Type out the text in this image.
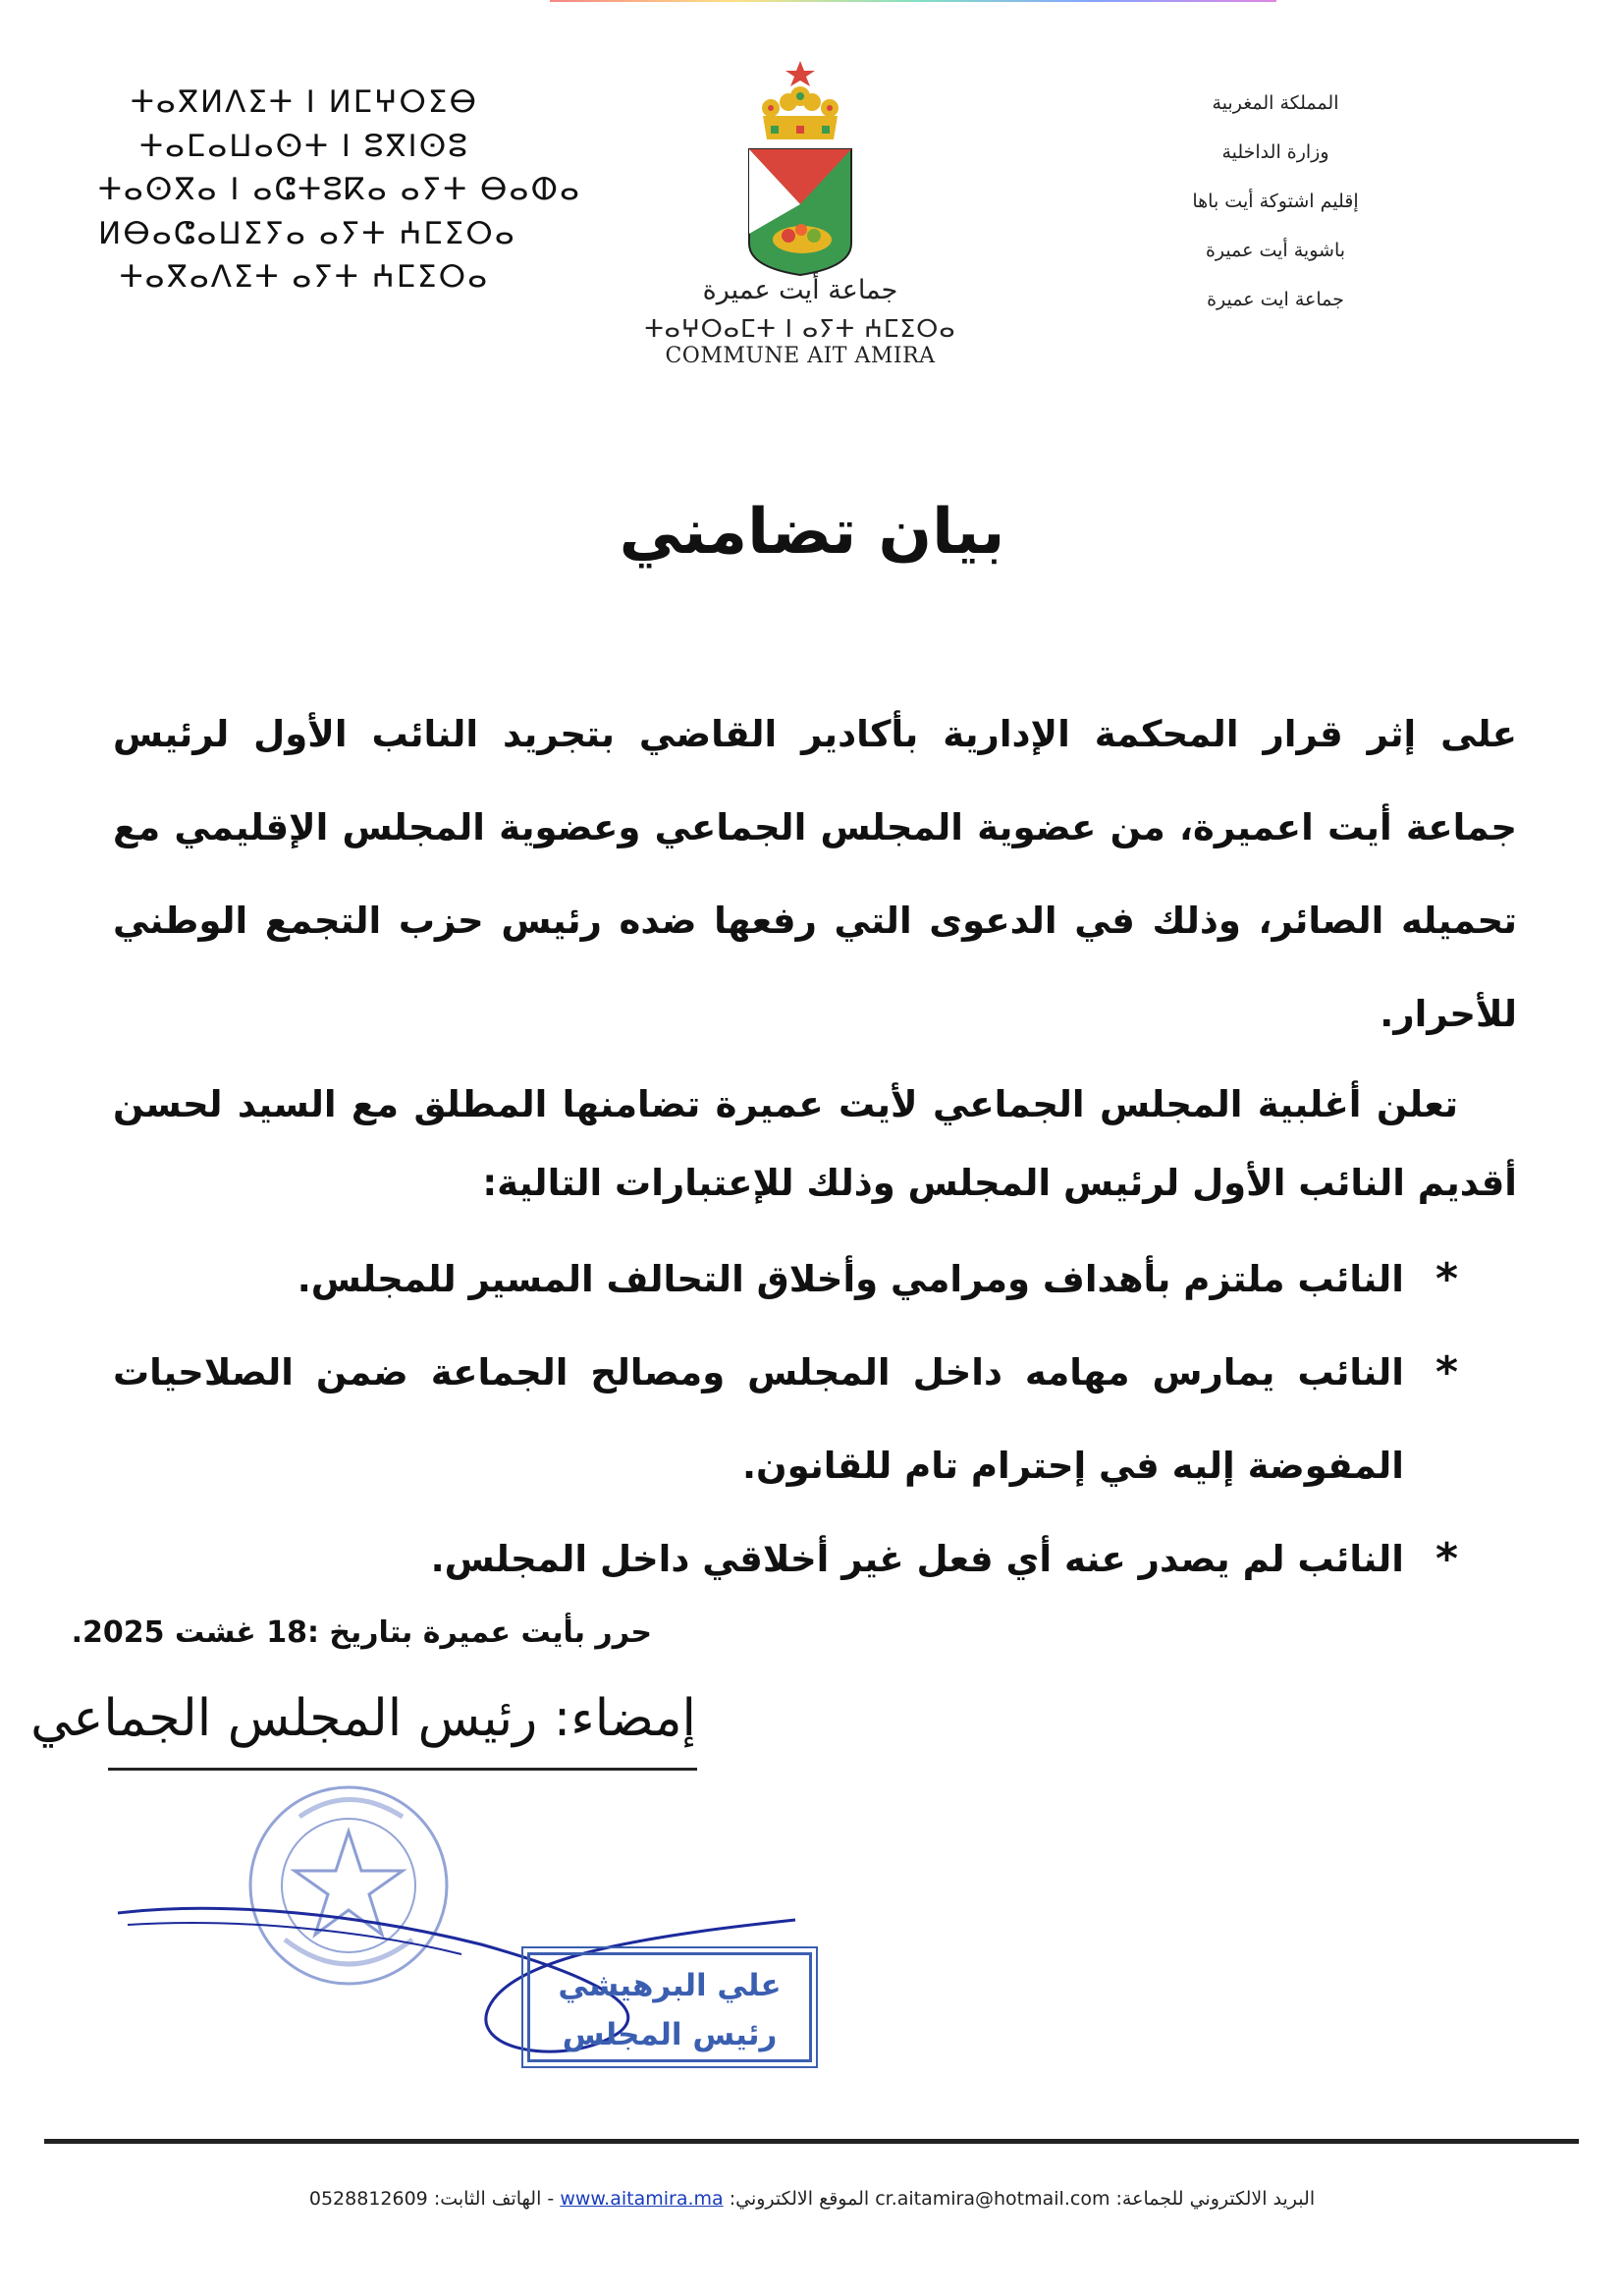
ⵜⴰⴳⵍⴷⵉⵜ ⵏ ⵍⵎⵖⵔⵉⴱ
ⵜⴰⵎⴰⵡⴰⵙⵜ ⵏ ⵓⴳⵏⵙⵓ
ⵜⴰⵙⴳⴰ ⵏ ⴰⵛⵜⵓⴽⴰ ⴰⵢⵜ ⴱⴰⵀⴰ
ⵍⴱⴰⵛⴰⵡⵉⵢⴰ ⴰⵢⵜ ⵄⵎⵉⵔⴰ
ⵜⴰⴳⴰⴷⵉⵜ ⴰⵢⵜ ⵄⵎⵉⵔⴰ
المملكة المغربية
وزارة الداخلية
إقليم اشتوكة أيت باها
باشوية أيت عميرة
جماعة ايت عميرة
جماعة أيت عميرة
ⵜⴰⵖⵔⴰⵎⵜ ⵏ ⴰⵢⵜ ⵄⵎⵉⵔⴰ
COMMUNE AIT AMIRA
بيان تضامني
على إثر قرار المحكمة الإدارية بأكادير القاضي بتجريد النائب الأول لرئيس جماعة أيت اعميرة، من عضوية المجلس الجماعي وعضوية المجلس الإقليمي مع تحميله الصائر، وذلك في الدعوى التي رفعها ضده رئيس حزب التجمع الوطني للأحرار.
تعلن أغلبية المجلس الجماعي لأيت عميرة تضامنها المطلق مع السيد لحسن أقديم النائب الأول لرئيس المجلس وذلك للإعتبارات التالية:
*
النائب ملتزم بأهداف ومرامي وأخلاق التحالف المسير للمجلس.
*
النائب يمارس مهامه داخل المجلس ومصالح الجماعة ضمن الصلاحيات المفوضة إليه في إحترام تام للقانون.
*
النائب لم يصدر عنه أي فعل غير أخلاقي داخل المجلس.
حرر بأيت عميرة بتاريخ :18 غشت 2025.
إمضاء: رئيس المجلس الجماعي
علي البرهيشي
رئيس المجلس
البريد الالكتروني للجماعة: cr.aitamira@hotmail.com الموقع الالكتروني: www.aitamira.ma - الهاتف الثابت: 0528812609
